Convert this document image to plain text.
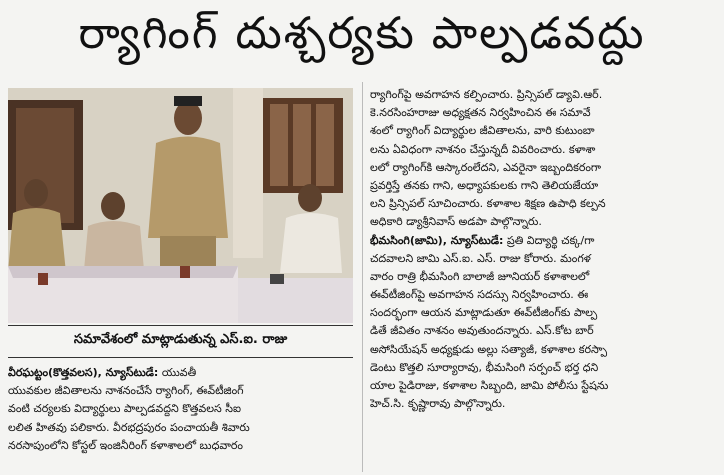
ర్యాగింగ్ దుశ్చర్యకు పాల్పడవద్దు
సమావేశంలో మాట్లాడుతున్న ఎస్.ఐ. రాజు
వీరఘట్టం(కొత్తవలస), న్యూస్‌టుడే: యువతీ
యువకుల జీవితాలను నాశనంచేసే ర్యాగింగ్, ఈవ్‌టీజింగ్
వంటి చర్యలకు విద్యార్థులు పాల్పడవద్దని కొత్తవలస సీఐ
లలిత హితవు పలికారు. వీరభద్రపురం పంచాయతీ శివారు
నరసాపుంలోని కోస్టల్ ఇంజినీరింగ్ కళాశాలలో బుధవారం
ర్యాగింగ్‌పై అవగాహన కల్పించారు. ప్రిన్సిపల్ డ్యావి.ఆర్.
కె.నరసింహరాజు అధ్యక్షతన నిర్వహించిన ఈ సమావే
శంలో ర్యాగింగ్ విద్యార్థుల జీవితాలను, వారి కుటుంబా
లను ఏవిధంగా నాశనం చేస్తున్నదీ వివరించారు. కళాశా
లలో ర్యాగింగ్‌కి ఆస్కారంలేదని, ఎవరైనా ఇబ్బందికరంగా
ప్రవర్తిస్తే తనకు గాని, అధ్యాపకులకు గాని తెలియజేయా
లని ప్రిన్సిపల్ సూచించారు. కళాశాల శిక్షణ ఉపాధి కల్పన
అధికారి డ్యాశ్రీనివాస్ అడపా పాల్గొన్నారు.
భీమసింగి(జామి), న్యూస్‌టుడే: ప్రతి విద్యార్థి చక్క/గా
చదవాలని జామి ఎస్.ఐ. ఎస్. రాజు కోరారు. మంగళ
వారం రాత్రి భీమసింగి బాలాజీ జూనియర్ కళాశాలలో
ఈవ్‌టీజింగ్‌పై అవగాహన సదస్సు నిర్వహించారు. ఈ
సందర్భంగా ఆయన మాట్లాడుతూ ఈవ్‌టీజింగ్‌కు పాల్ప
డితే జీవితం నాశనం అవుతుందన్నారు. ఎస్.కోట బార్
అసోసియేషన్ అధ్యక్షుడు అల్లు సత్యాజీ, కళాశాల కరస్పా
డెంటు కొత్తలి సూర్యారావు, భీమసింగి సర్పంచ్ భర్త ధని
యాల పైడిరాజు, కళాశాల సిబ్బంది, జామి పోలీసు స్టేషను
హెచ్.సి. కృష్ణారావు పాల్గొన్నారు.
